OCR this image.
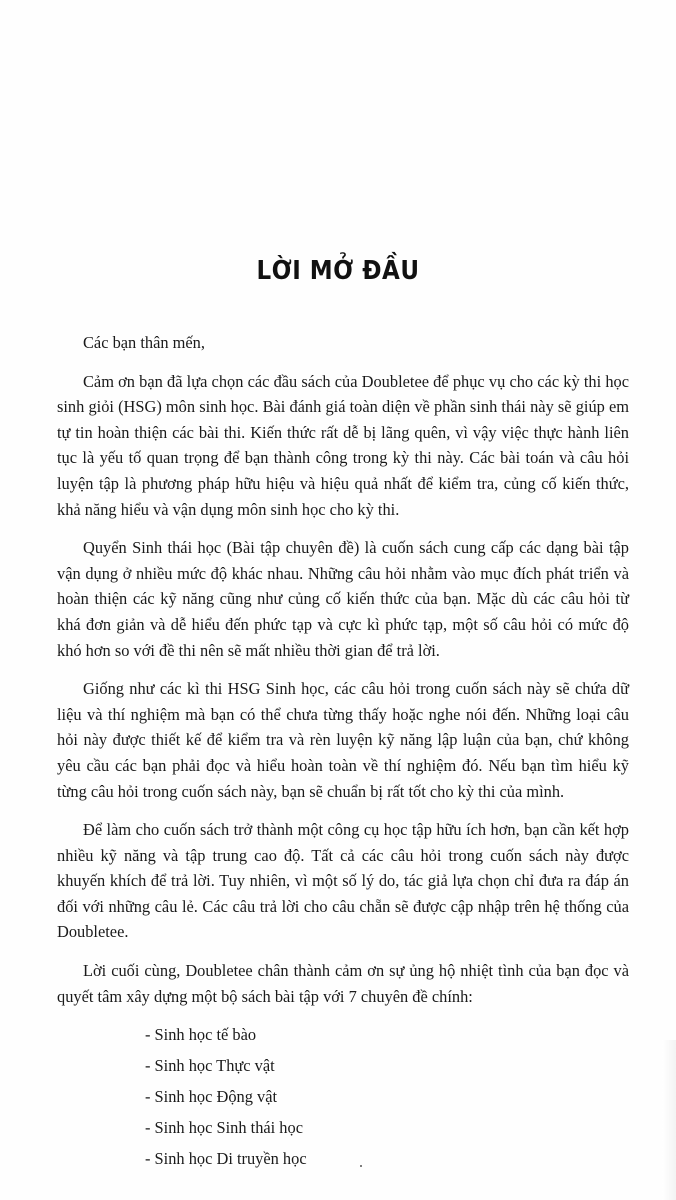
LỜI MỞ ĐẦU

Các bạn thân mến,

Cảm ơn bạn đã lựa chọn các đầu sách của Doubletee để phục vụ cho các kỳ thi học sinh giỏi (HSG) môn sinh học. Bài đánh giá toàn diện về phần sinh thái này sẽ giúp em tự tin hoàn thiện các bài thi. Kiến thức rất dễ bị lãng quên, vì vậy việc thực hành liên tục là yếu tố quan trọng để bạn thành công trong kỳ thi này. Các bài toán và câu hỏi luyện tập là phương pháp hữu hiệu và hiệu quả nhất để kiểm tra, củng cố kiến thức, khả năng hiểu và vận dụng môn sinh học cho kỳ thi.

Quyển Sinh thái học (Bài tập chuyên đề) là cuốn sách cung cấp các dạng bài tập vận dụng ở nhiều mức độ khác nhau. Những câu hỏi nhằm vào mục đích phát triển và hoàn thiện các kỹ năng cũng như củng cố kiến thức của bạn. Mặc dù các câu hỏi từ khá đơn giản và dễ hiểu đến phức tạp và cực kì phức tạp, một số câu hỏi có mức độ khó hơn so với đề thi nên sẽ mất nhiều thời gian để trả lời.

Giống như các kì thi HSG Sinh học, các câu hỏi trong cuốn sách này sẽ chứa dữ liệu và thí nghiệm mà bạn có thể chưa từng thấy hoặc nghe nói đến. Những loại câu hỏi này được thiết kế để kiểm tra và rèn luyện kỹ năng lập luận của bạn, chứ không yêu cầu các bạn phải đọc và hiểu hoàn toàn về thí nghiệm đó. Nếu bạn tìm hiểu kỹ từng câu hỏi trong cuốn sách này, bạn sẽ chuẩn bị rất tốt cho kỳ thi của mình.

Để làm cho cuốn sách trở thành một công cụ học tập hữu ích hơn, bạn cần kết hợp nhiều kỹ năng và tập trung cao độ. Tất cả các câu hỏi trong cuốn sách này được khuyến khích để trả lời. Tuy nhiên, vì một số lý do, tác giả lựa chọn chỉ đưa ra đáp án đối với những câu lẻ. Các câu trả lời cho câu chẵn sẽ được cập nhập trên hệ thống của Doubletee.

Lời cuối cùng, Doubletee chân thành cảm ơn sự ủng hộ nhiệt tình của bạn đọc và quyết tâm xây dựng một bộ sách bài tập với 7 chuyên đề chính:

- Sinh học tế bào
- Sinh học Thực vật
- Sinh học Động vật
- Sinh học Sinh thái học
- Sinh học Di truyền học
